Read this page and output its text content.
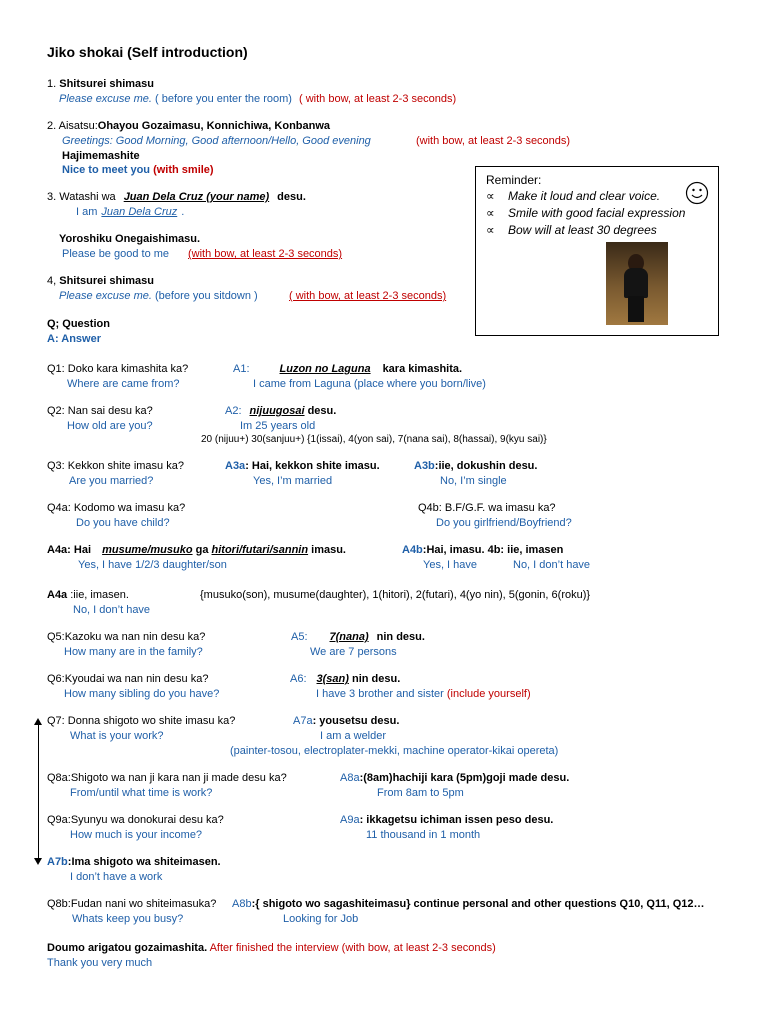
Jiko shokai (Self introduction)
1. Shitsurei shimasu
Please excuse me. ( before you enter the room) ( with bow, at least 2-3 seconds)
2. Aisatsu:Ohayou Gozaimasu, Konnichiwa, Konbanwa
Greetings: Good Morning, Good afternoon/Hello, Good evening	(with bow, at least 2-3 seconds)
Hajimemashite
Nice to meet you (with smile)
3. Watashi wa Juan Dela Cruz (your name) desu.
I am Juan Dela Cruz .
Yoroshiku Onegaishimasu.
Please be good to me (with bow, at least 2-3 seconds)
4, Shitsurei shimasu
Please excuse me. (before you sitdown )	( with bow, at least 2-3 seconds)
Reminder:
∝ Make it loud and clear voice.
∝ Smile with good facial expression
∝ Bow will at least 30 degrees
Q; Question
A: Answer
Q1: Doko kara kimashita ka?	A1:	Luzon no Laguna kara kimashita.
Where are came from?	I came from Laguna (place where you born/live)
Q2: Nan sai desu ka?	A2: nijuugosai desu.
How old are you?	Im 25 years old
20 (nijuu+) 30(sanjuu+) {1(issai), 4(yon sai), 7(nana sai), 8(hassai), 9(kyu sai)}
Q3: Kekkon shite imasu ka?	A3a: Hai, kekkon shite imasu.	A3b:iie, dokushin desu.
Are you married?	Yes, I’m married	No, I’m single
Q4a: Kodomo wa imasu ka?	Q4b: B.F/G.F. wa imasu ka?
Do you have child?	Do you girlfriend/Boyfriend?
A4a: Hai musume/musuko ga hitori/futari/sannin imasu.	A4b:Hai, imasu. 4b: iie, imasen
Yes, I have 1/2/3 daughter/son	Yes, I have	No, I don’t have
A4a :iie, imasen.	{musuko(son), musume(daughter), 1(hitori), 2(futari), 4(yo nin), 5(gonin, 6(roku)}
No, I don’t have
Q5:Kazoku wa nan nin desu ka?	A5: 7(nana) nin desu.
How many are in the family?	We are 7 persons
Q6:Kyoudai wa nan nin desu ka?	A6: 3(san) nin desu.
How many sibling do you have?	I have 3 brother and sister (include yourself)
Q7: Donna shigoto wo shite imasu ka?	A7a: yousetsu desu.
What is your work?	I am a welder
(painter-tosou, electroplater-mekki, machine operator-kikai opereta)
Q8a:Shigoto wa nan ji kara nan ji made desu ka?	A8a:(8am)hachiji kara (5pm)goji made desu.
From/until what time is work?	From 8am to 5pm
Q9a:Syunyu wa donokurai desu ka?	A9a: ikkagetsu ichiman issen peso desu.
How much is your income?	11 thousand in 1 month
A7b:Ima shigoto wa shiteimasen.
I don’t have a work
Q8b:Fudan nani wo shiteimasuka? A8b:{ shigoto wo sagashiteimasu} continue personal and other questions Q10, Q11, Q12…
Whats keep you busy?	Looking for Job
Doumo arigatou gozaimashita. After finished the interview (with bow, at least 2-3 seconds)
Thank you very much
